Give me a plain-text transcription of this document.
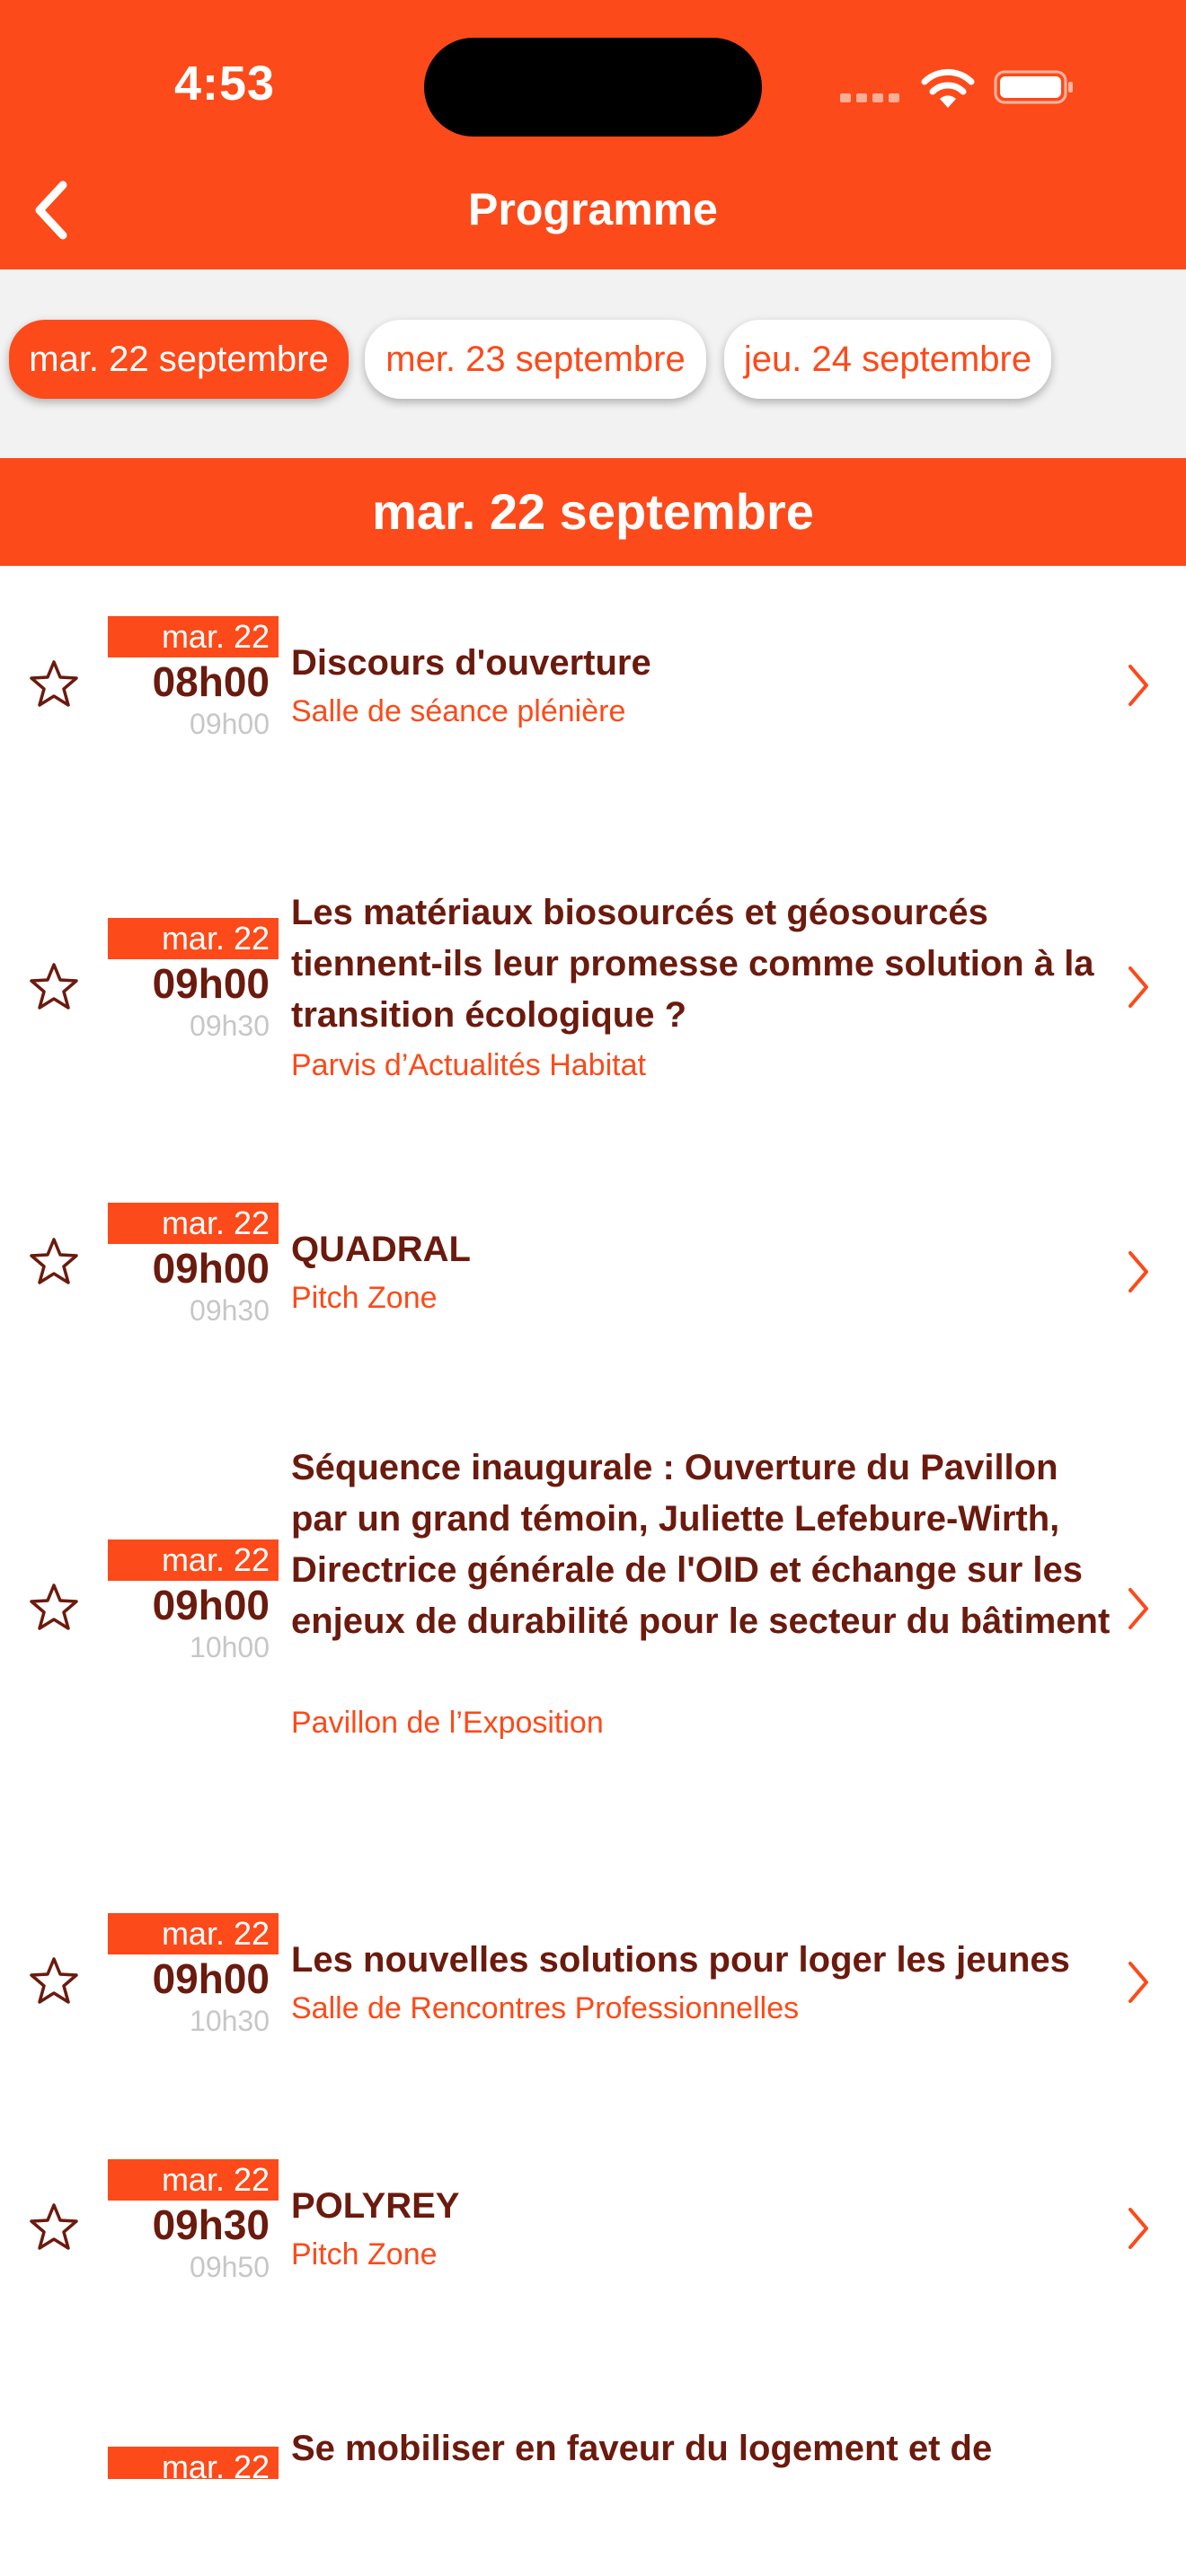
4:53
Programme
mar. 22 septembre	mer. 23 septembre	jeu. 24 septembre
mar. 22 septembre
mar. 22
08h00
09h00
Discours d'ouverture
Salle de séance plénière
mar. 22
09h00
09h30
Les matériaux biosourcés et géosourcés tiennent-ils leur promesse comme solution à la transition écologique ?
Parvis d’Actualités Habitat
mar. 22
09h00
09h30
QUADRAL
Pitch Zone
mar. 22
09h00
10h00
Séquence inaugurale : Ouverture du Pavillon par un grand témoin, Juliette Lefebure-Wirth, Directrice générale de l'OID et échange sur les enjeux de durabilité pour le secteur du bâtiment
Pavillon de l’Exposition
mar. 22
09h00
10h30
Les nouvelles solutions pour loger les jeunes
Salle de Rencontres Professionnelles
mar. 22
09h30
09h50
POLYREY
Pitch Zone
mar. 22 Se mobiliser en faveur du logement et de
